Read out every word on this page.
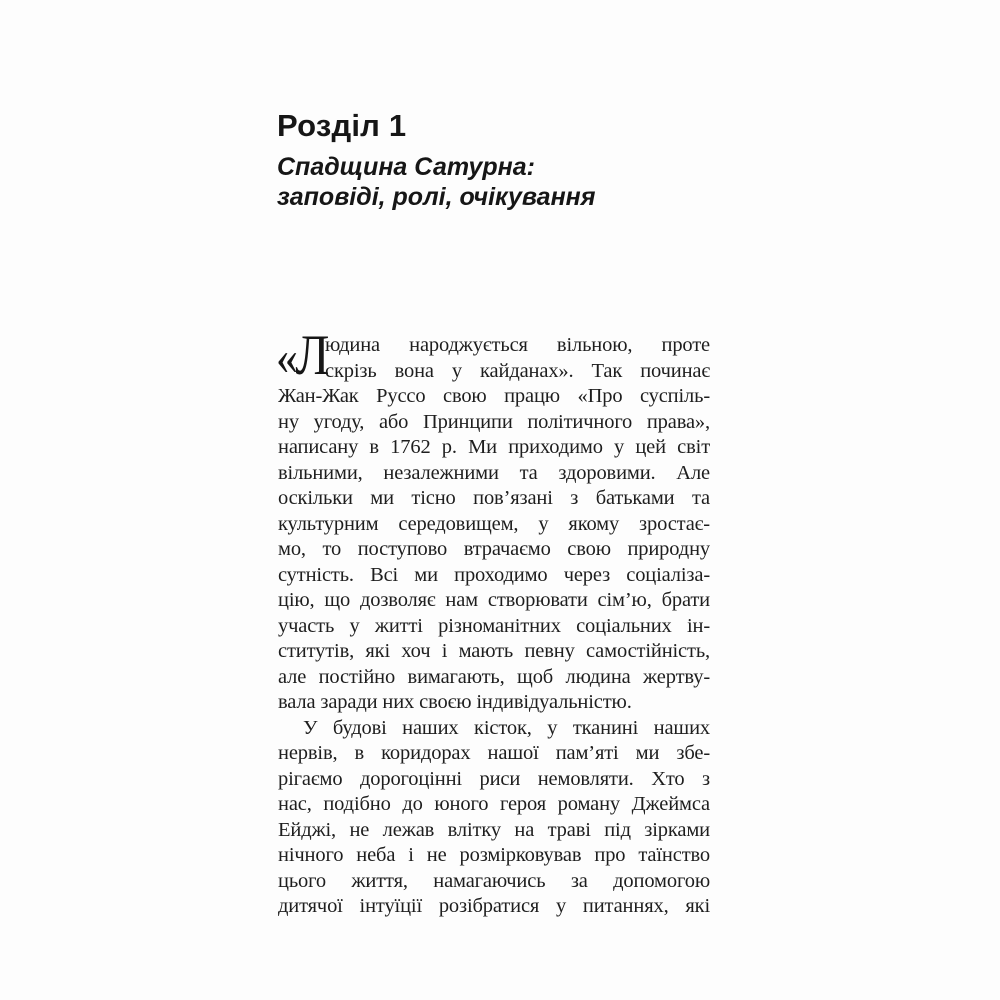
Розділ 1
Спадщина Сатурна:
заповіді, ролі, очікування
«Л
юдина народжується вільною, проте
скрізь вона у кайданах». Так починає
Жан-Жак Руссо свою працю «Про суспіль-
ну угоду, або Принципи політичного права»,
написану в 1762 р. Ми приходимо у цей світ
вільними, незалежними та здоровими. Але
оскільки ми тісно пов’язані з батьками та
культурним середовищем, у якому зростає-
мо, то поступово втрачаємо свою природну
сутність. Всі ми проходимо через соціаліза-
цію, що дозволяє нам створювати сім’ю, брати
участь у житті різноманітних соціальних ін-
ститутів, які хоч і мають певну самостійність,
але постійно вимагають, щоб людина жертву-
вала заради них своєю індивідуальністю.
У будові наших кісток, у тканині наших
нервів, в коридорах нашої пам’яті ми збе-
рігаємо дорогоцінні риси немовляти. Хто з
нас, подібно до юного героя роману Джеймса
Ейджі, не лежав влітку на траві під зірками
нічного неба і не розмірковував про таїнство
цього життя, намагаючись за допомогою
дитячої інтуїції розібратися у питаннях, які
